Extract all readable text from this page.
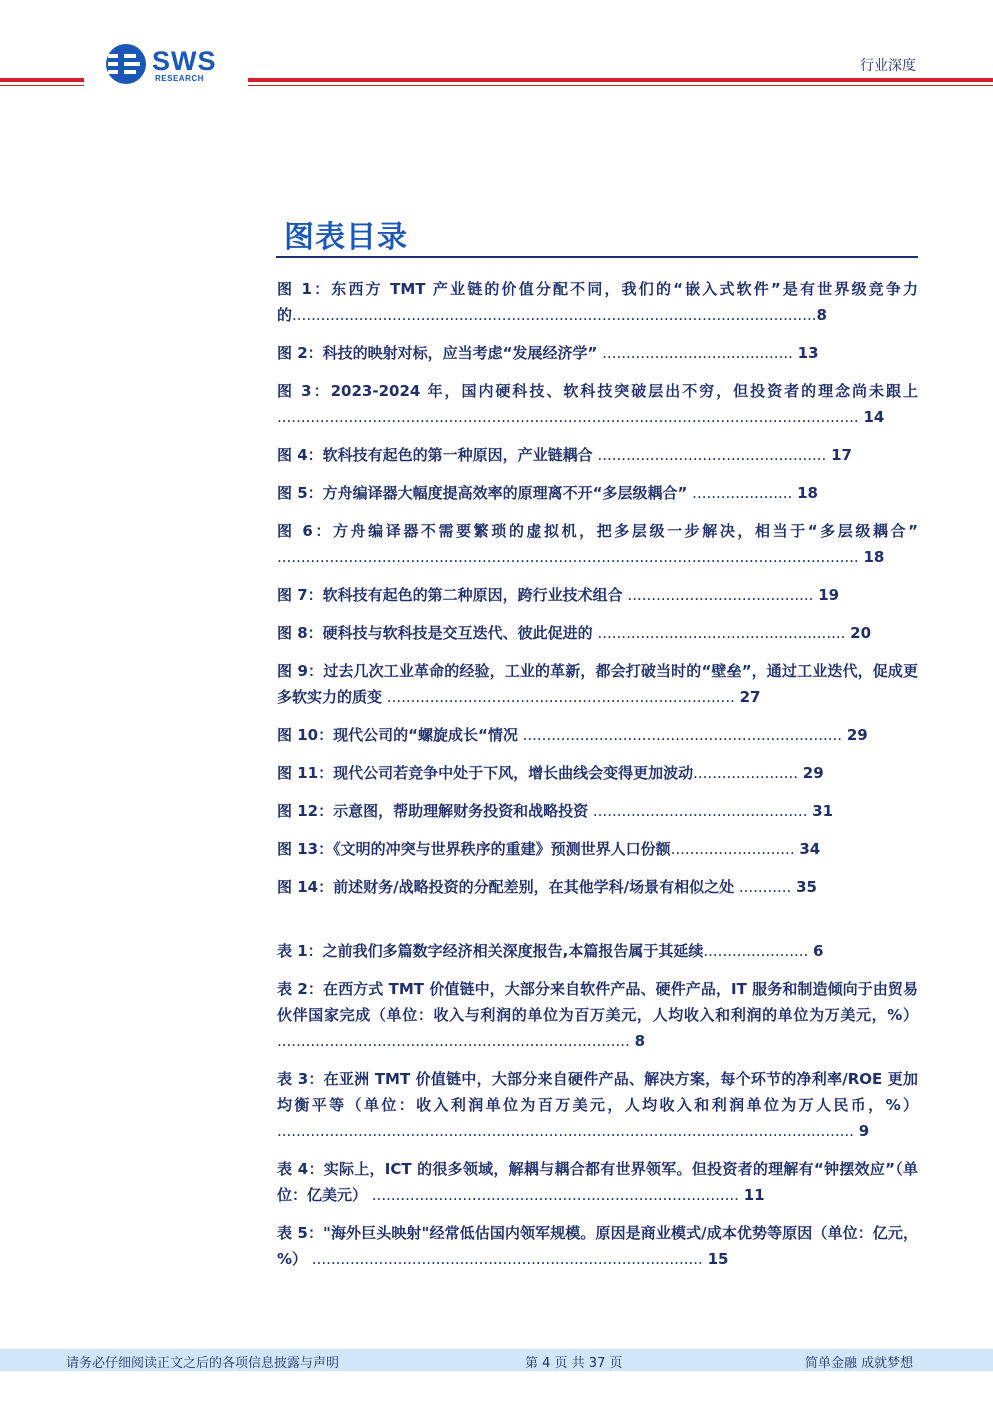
SWS
RESEARCH
行业深度
图表目录

图 1：东西方 TMT 产业链的价值分配不同，我们的“嵌入式软件”是有世界级竞争力的..............................................................................................................8

图 2：科技的映射对标，应当考虑“发展经济学” ........................................ 13

图 3：2023-2024 年，国内硬科技、软科技突破层出不穷，但投资者的理念尚未跟上 .......................................................................................................................... 14

图 4：软科技有起色的第一种原因，产业链耦合 ................................................ 17

图 5：方舟编译器大幅度提高效率的原理离不开“多层级耦合” ..................... 18

图 6：方舟编译器不需要繁琐的虚拟机，把多层级一步解决，相当于“多层级耦合” .......................................................................................................................... 18

图 7：软科技有起色的第二种原因，跨行业技术组合 ....................................... 19

图 8：硬科技与软科技是交互迭代、彼此促进的 .................................................... 20

图 9：过去几次工业革命的经验，工业的革新，都会打破当时的“壁垒”，通过工业迭代，促成更多软实力的质变 ......................................................................... 27

图 10：现代公司的“螺旋成长“情况 ................................................................... 29

图 11：现代公司若竞争中处于下风，增长曲线会变得更加波动...................... 29

图 12：示意图，帮助理解财务投资和战略投资 ............................................. 31

图 13：《文明的冲突与世界秩序的重建》预测世界人口份额.......................... 34

图 14：前述财务/战略投资的分配差别，在其他学科/场景有相似之处 ........... 35

表 1：之前我们多篇数字经济相关深度报告,本篇报告属于其延续...................... 6

表 2：在西方式 TMT 价值链中，大部分来自软件产品、硬件产品，IT 服务和制造倾向于由贸易伙伴国家完成（单位：收入与利润的单位为百万美元，人均收入和利润的单位为万美元，%） .......................................................................... 8

表 3：在亚洲 TMT 价值链中，大部分来自硬件产品、解决方案，每个环节的净利率/ROE 更加均衡平等（单位：收入利润单位为百万美元，人均收入和利润单位为万人民币，%） ......................................................................................................................... 9

表 4：实际上，ICT 的很多领域，解耦与耦合都有世界领军。但投资者的理解有“钟摆效应”（单位：亿美元） ............................................................................. 11

表 5："海外巨头映射"经常低估国内领军规模。原因是商业模式/成本优势等原因（单位：亿元，%） .................................................................................. 15

请务必仔细阅读正文之后的各项信息披露与声明	第 4 页 共 37 页	简单金融 成就梦想
